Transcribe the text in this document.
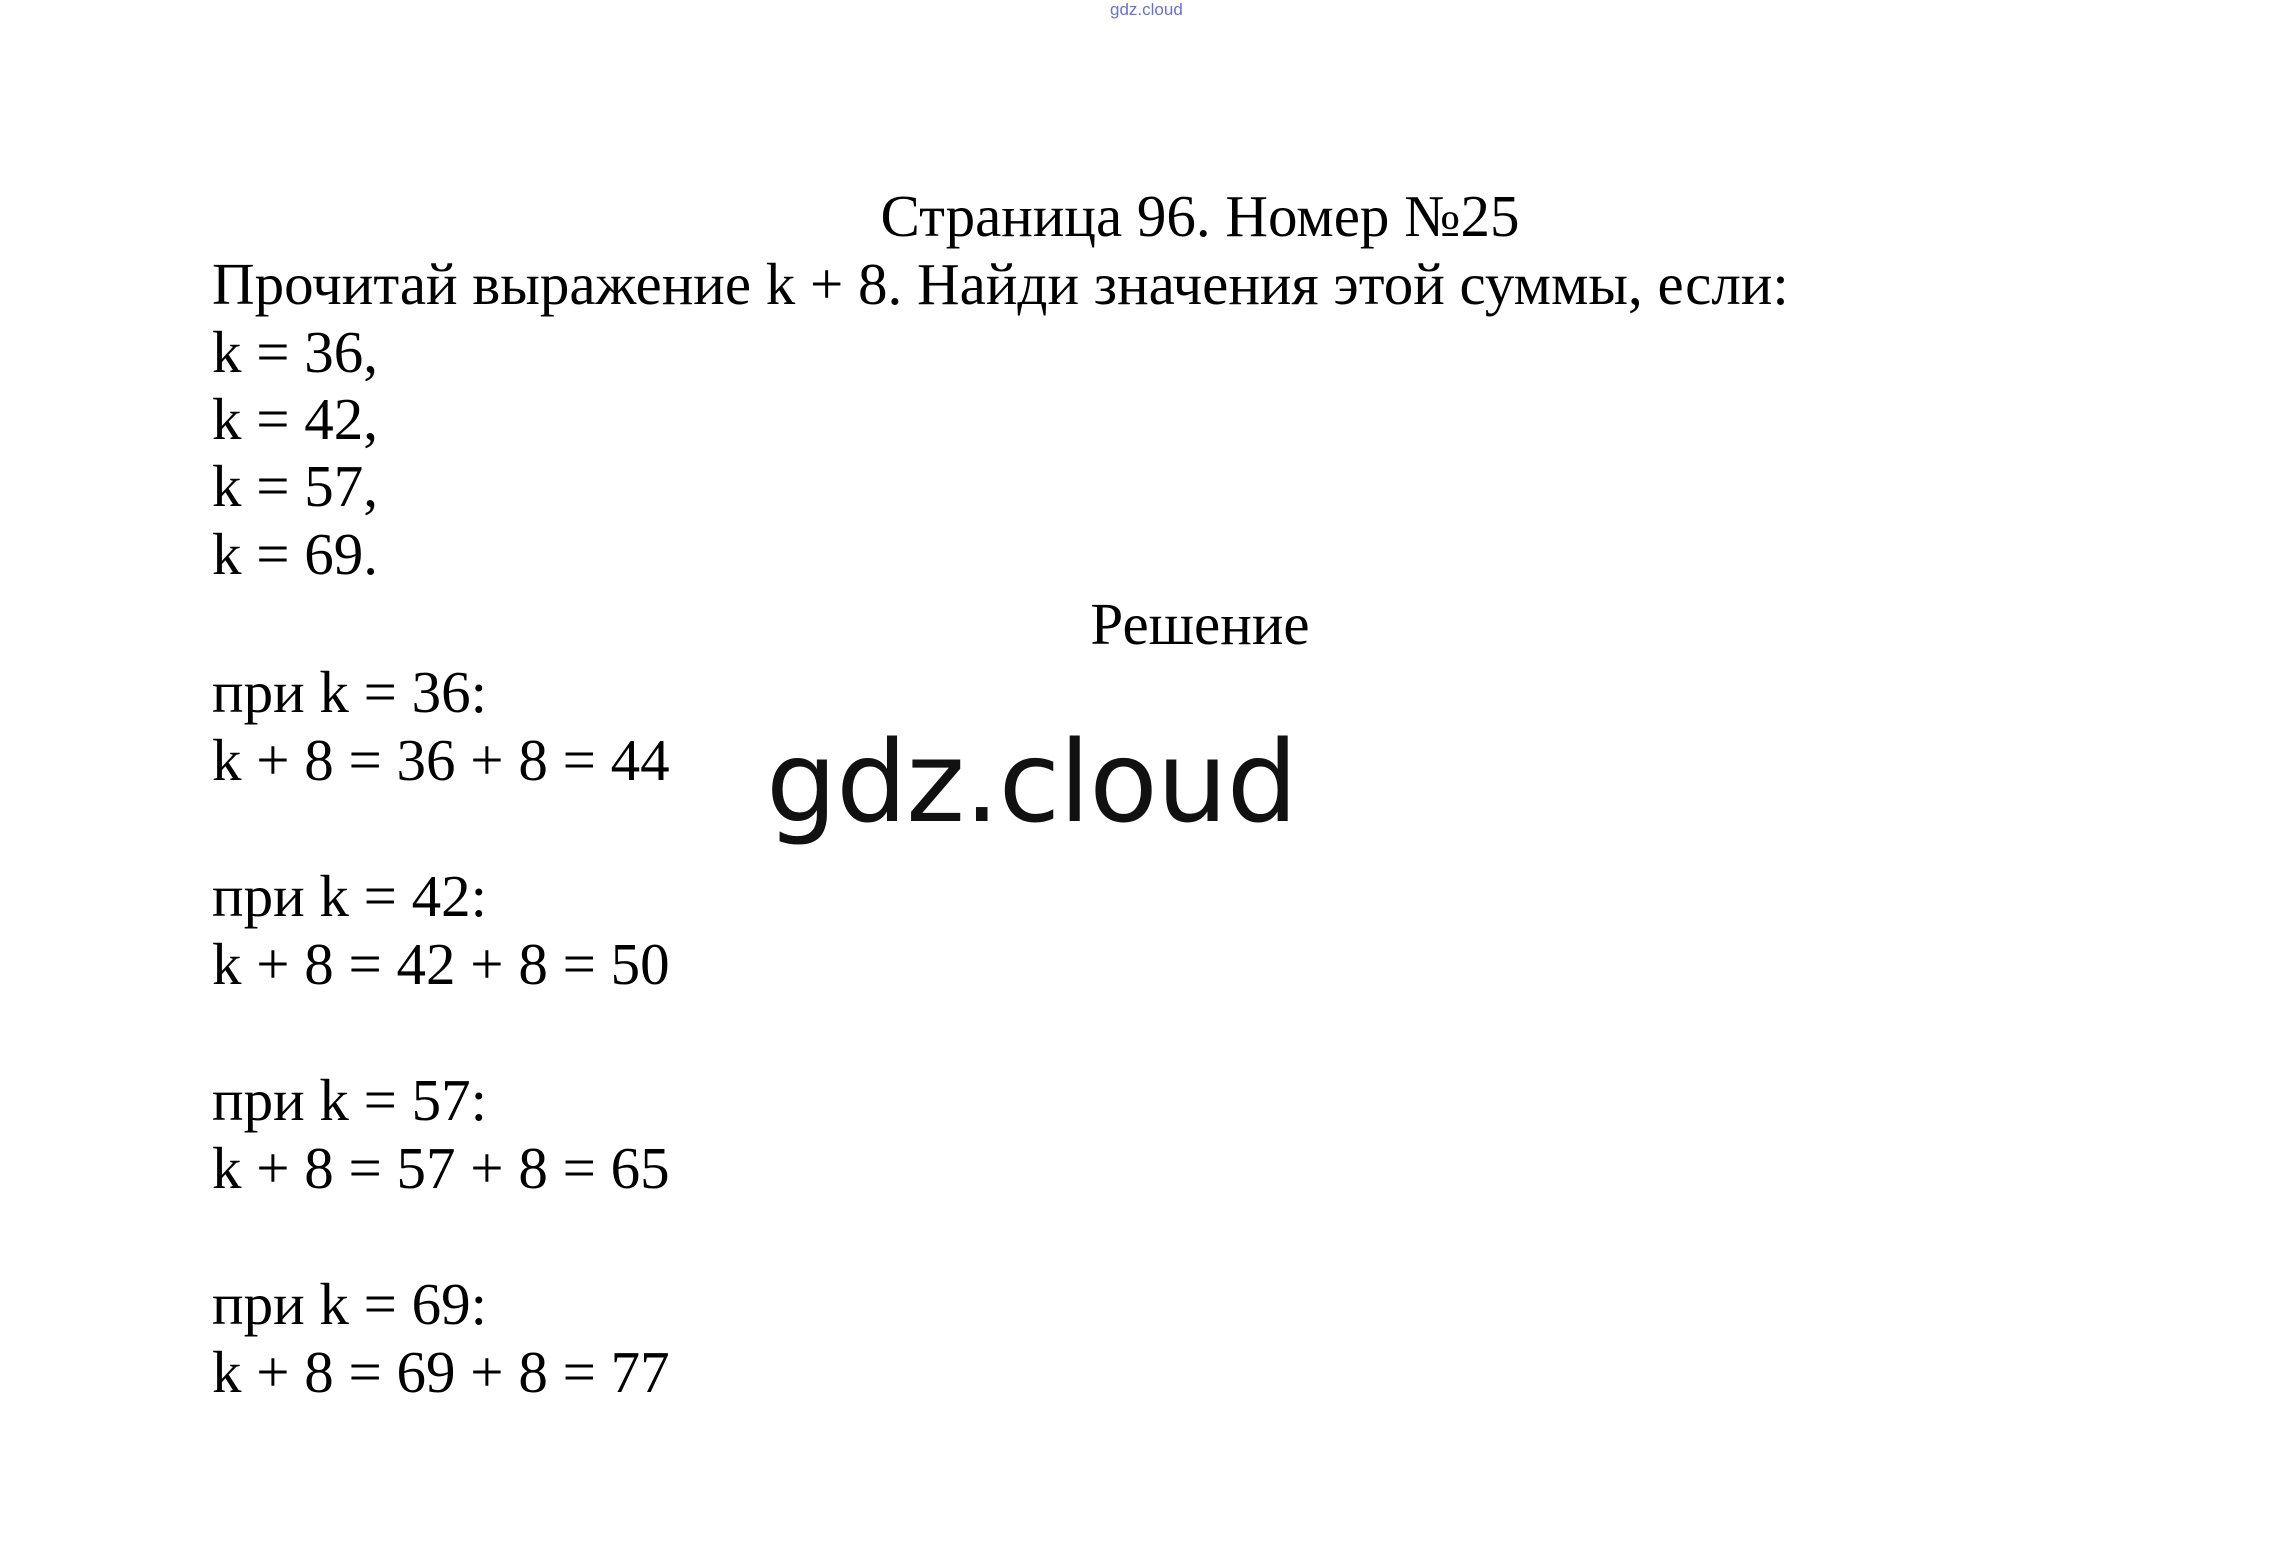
gdz.cloud
Страница 96. Номер №25
Прочитай выражение k + 8. Найди значения этой суммы, если:
k = 36,
k = 42,
k = 57,
k = 69.
Решение
при k = 36:
k + 8 = 36 + 8 = 44
при k = 42:
k + 8 = 42 + 8 = 50
при k = 57:
k + 8 = 57 + 8 = 65
при k = 69:
k + 8 = 69 + 8 = 77
gdz.cloud
